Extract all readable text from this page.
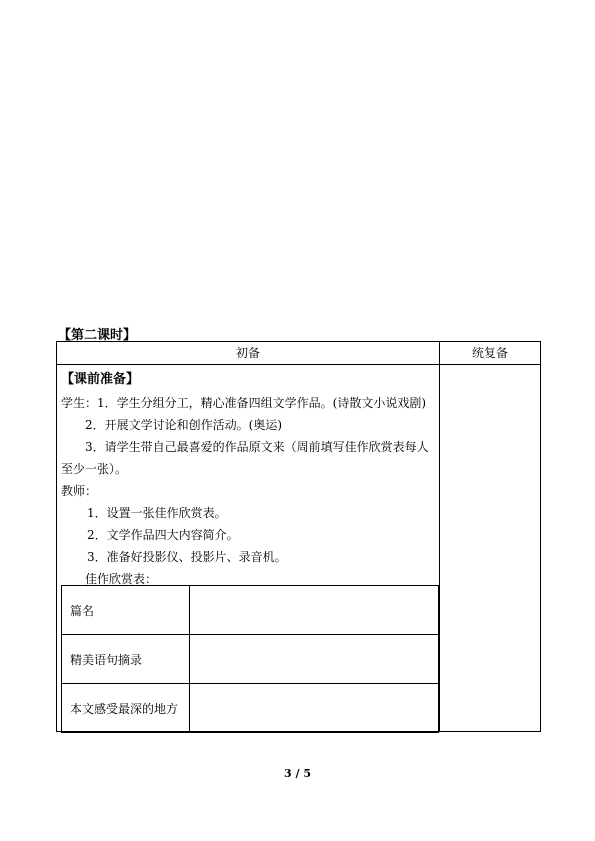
【第二课时】
初备	统复备
【课前准备】
学生：1．学生分组分工，精心准备四组文学作品。(诗散文小说戏剧)
2．开展文学讨论和创作活动。(奥运)
3．请学生带自己最喜爱的作品原文来（周前填写佳作欣赏表每人
至少一张）。
教师：
1．设置一张佳作欣赏表。
2．文学作品四大内容简介。
3．准备好投影仪、投影片、录音机。
佳作欣赏表：
篇名	
精美语句摘录	
本文感受最深的地方	
3 / 5
